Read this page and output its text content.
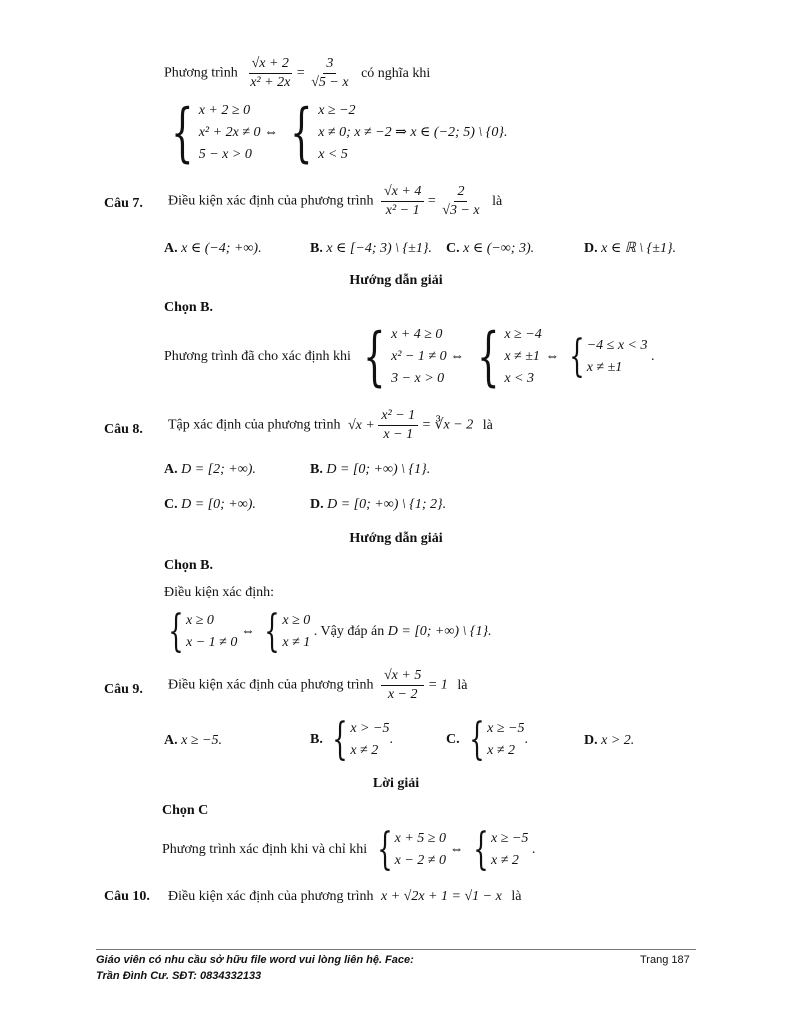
Phương trình $\frac{√x + 2}{\text{x² + 2x}} = \frac{3}{√5 - x}$ có nghĩa khi
{ x + 2 ≥ 0
x² + 2x ≠ 0
5 − x > 0
⇔ { x ≥ −2
x ≠ 0; x ≠ −2
x < 5
⇒ x ∈ (−2; 5) \ {0}.
Câu 7. Điều kiện xác định của phương trình $\frac{√x + 4}{\text{x² − 1}} = \frac{2}{√3 - x}$ là
A. x ∈ (−4; +∞).	B. x ∈ [−4; 3) \ {±1}. C. x ∈ (−∞; 3).	D. x ∈ ℝ \ {±1}.
Hướng dẫn giải
Chọn B.
Phương trình đã cho xác định khi { x + 4 ≥ 0
x² − 1 ≠ 0
3 − x > 0
⇔ { x ≥ −4
x ≠ ±1
x < 3
⇔ { −4 ≤ x < 3
x ≠ ±1
.
Câu 8. Tập xác định của phương trình $√x + \frac{\text{x² − 1}}{x - 1}$ = ∛x − 2 là
A. D = [2; +∞).	B. D = [0; +∞) \ {1}.
C. D = [0; +∞).	D. D = [0; +∞) \ {1; 2}.
Hướng dẫn giải
Chọn B.
Điều kiện xác định:
{ x ≥ 0
x − 1 ≠ 0
⇔ { x ≥ 0
x ≠ 1
. Vậy đáp án D = [0; +∞) \ {1}.
Câu 9. Điều kiện xác định của phương trình $\frac{√x + 5}{x - 2} = 1$ là
A. x ≥ −5.	B. { x > −5
x ≠ 2
.	C. { x ≥ −5
x ≠ 2
.	D. x > 2.
Lời giải
Chọn C
Phương trình xác định khi và chỉ khi { x + 5 ≥ 0
x − 2 ≠ 0
⇔ { x ≥ −5
x ≠ 2
.
Câu 10. Điều kiện xác định của phương trình x + √2x + 1 = √1 − x là
Giáo viên có nhu cầu sở hữu file word vui lòng liên hệ. Face:
Trần Đình Cư. SĐT: 0834332133
Trang 187
